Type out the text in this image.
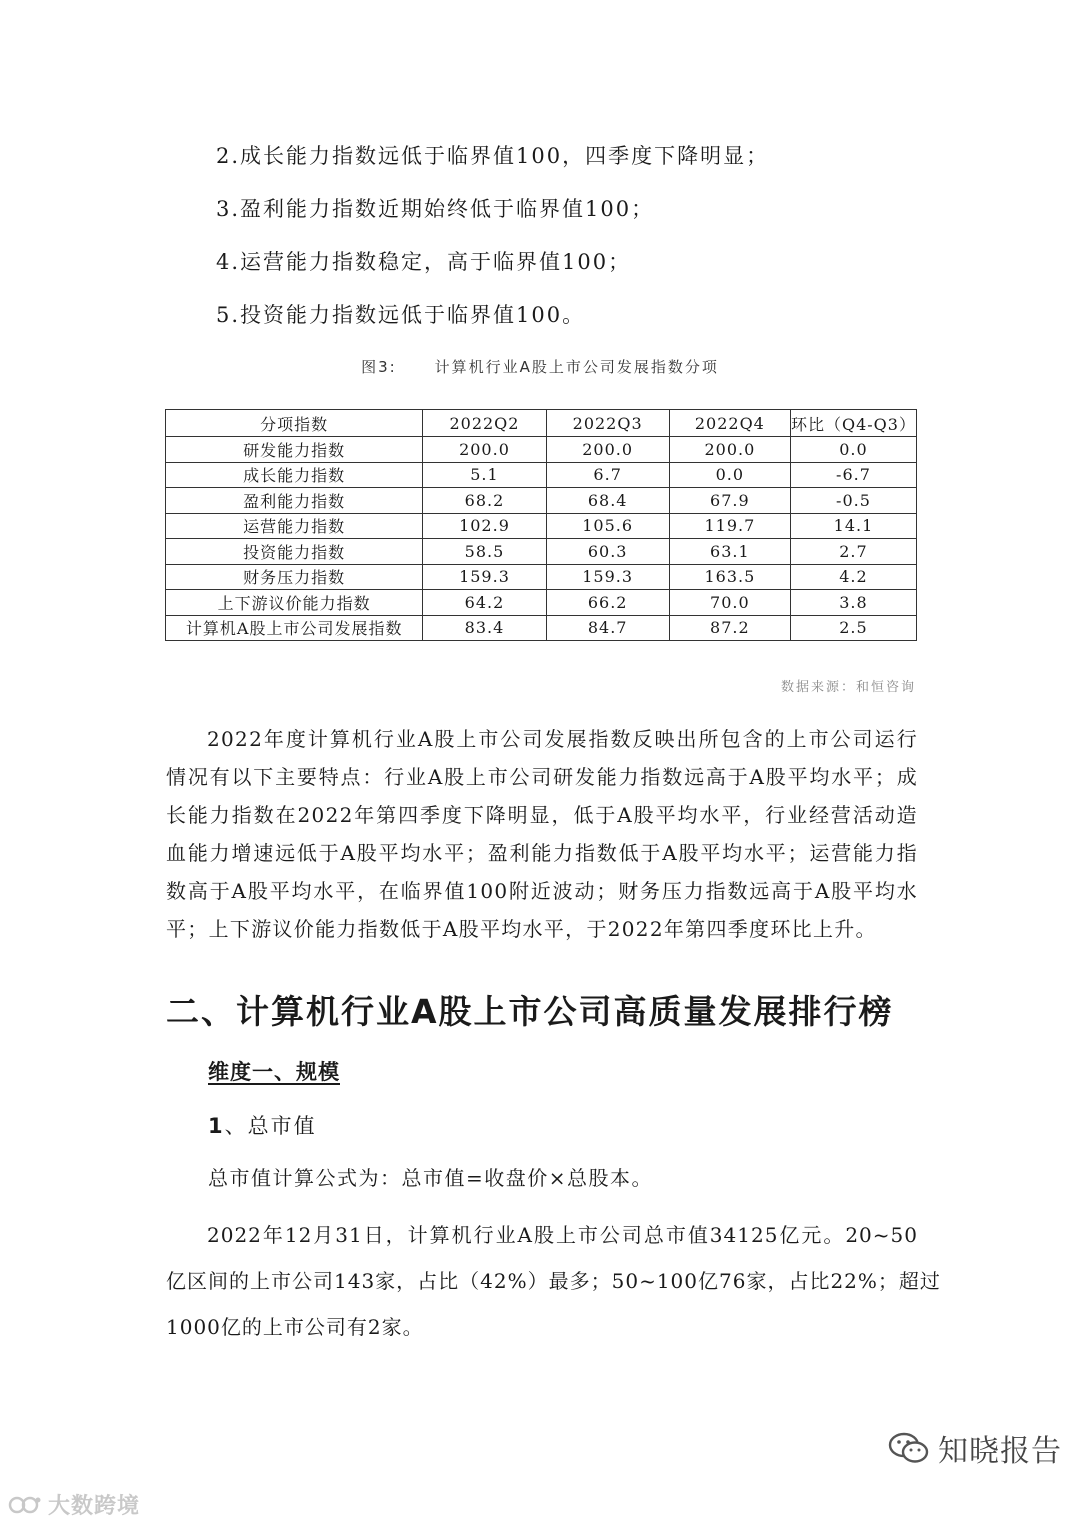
2.成长能力指数远低于临界值100，四季度下降明显；
3.盈利能力指数近期始终低于临界值100；
4.运营能力指数稳定，高于临界值100；
5.投资能力指数远低于临界值100。
图3:	计算机行业A股上市公司发展指数分项
分项指数	2022Q2	2022Q3	2022Q4	环比（Q4-Q3）
研发能力指数	200.0	200.0	200.0	0.0
成长能力指数	5.1	6.7	0.0	-6.7
盈利能力指数	68.2	68.4	67.9	-0.5
运营能力指数	102.9	105.6	119.7	14.1
投资能力指数	58.5	60.3	63.1	2.7
财务压力指数	159.3	159.3	163.5	4.2
上下游议价能力指数	64.2	66.2	70.0	3.8
计算机A股上市公司发展指数	83.4	84.7	87.2	2.5
数据来源：和恒咨询
2022年度计算机行业A股上市公司发展指数反映出所包含的上市公司运行
情况有以下主要特点：行业A股上市公司研发能力指数远高于A股平均水平；成
长能力指数在2022年第四季度下降明显，低于A股平均水平，行业经营活动造
血能力增速远低于A股平均水平；盈利能力指数低于A股平均水平；运营能力指
数高于A股平均水平，在临界值100附近波动；财务压力指数远高于A股平均水
平；上下游议价能力指数低于A股平均水平，于2022年第四季度环比上升。
二、计算机行业A股上市公司高质量发展排行榜
维度一、规模
1、总市值
总市值计算公式为：总市值=收盘价×总股本。
2022年12月31日，计算机行业A股上市公司总市值34125亿元。20~50
亿区间的上市公司143家，占比（42%）最多；50~100亿76家，占比22%；超过
1000亿的上市公司有2家。
知晓报告
大数跨境
